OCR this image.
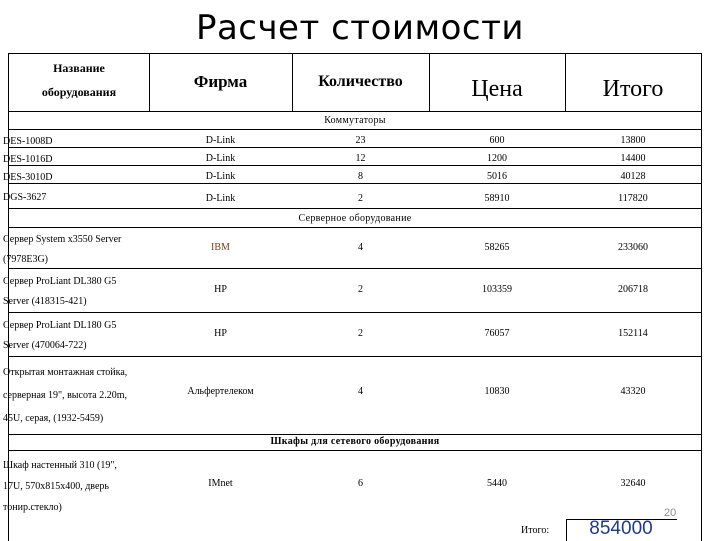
Расчет стоимости
Название
оборудования
Фирма	Количество	Цена	Итого
Коммутаторы
DES-1008D	D-Link	23	600	13800
DES-1016D	D-Link	12	1200	14400
DES-3010D	D-Link	8	5016	40128
DGS-3627	D-Link	2	58910	117820
Серверное оборудование
Сервер System x3550 Server
(7978E3G)
IBM	4	58265	233060
Сервер ProLiant DL380 G5
Server (418315-421)
HP	2	103359	206718
Сервер ProLiant DL180 G5
Server (470064-722)
HP	2	76057	152114
Открытая монтажная стойка,
серверная 19", высота 2.20m,
45U, серая, (1932-5459)
Альфертелеком	4	10830	43320
Шкафы для сетевого оборудования
Шкаф настенный 310 (19",
17U, 570x815x400, дверь
тонир.стекло)
IMnet	6	5440	32640
20
Итого:	854000
